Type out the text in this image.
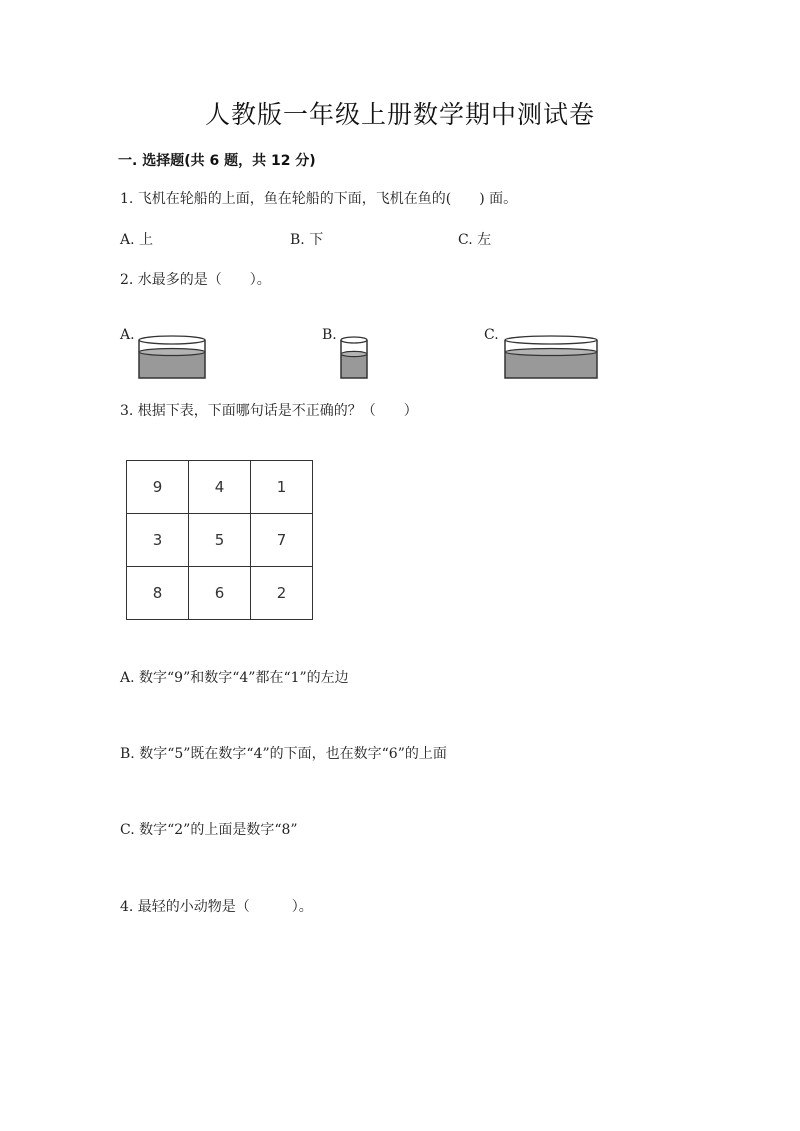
人教版一年级上册数学期中测试卷
一. 选择题(共 6 题，共 12 分)
1. 飞机在轮船的上面，鱼在轮船的下面，飞机在鱼的(　　) 面。
A. 上	B. 下	C. 左
2. 水最多的是（　　）。
A.	B.	C.
3. 根据下表，下面哪句话是不正确的？（　　）
9	4	1
3	5	7
8	6	2
A. 数字“9”和数字“4”都在“1”的左边
B. 数字“5”既在数字“4”的下面，也在数字“6”的上面
C. 数字“2”的上面是数字“8”
4. 最轻的小动物是（　　　）。
